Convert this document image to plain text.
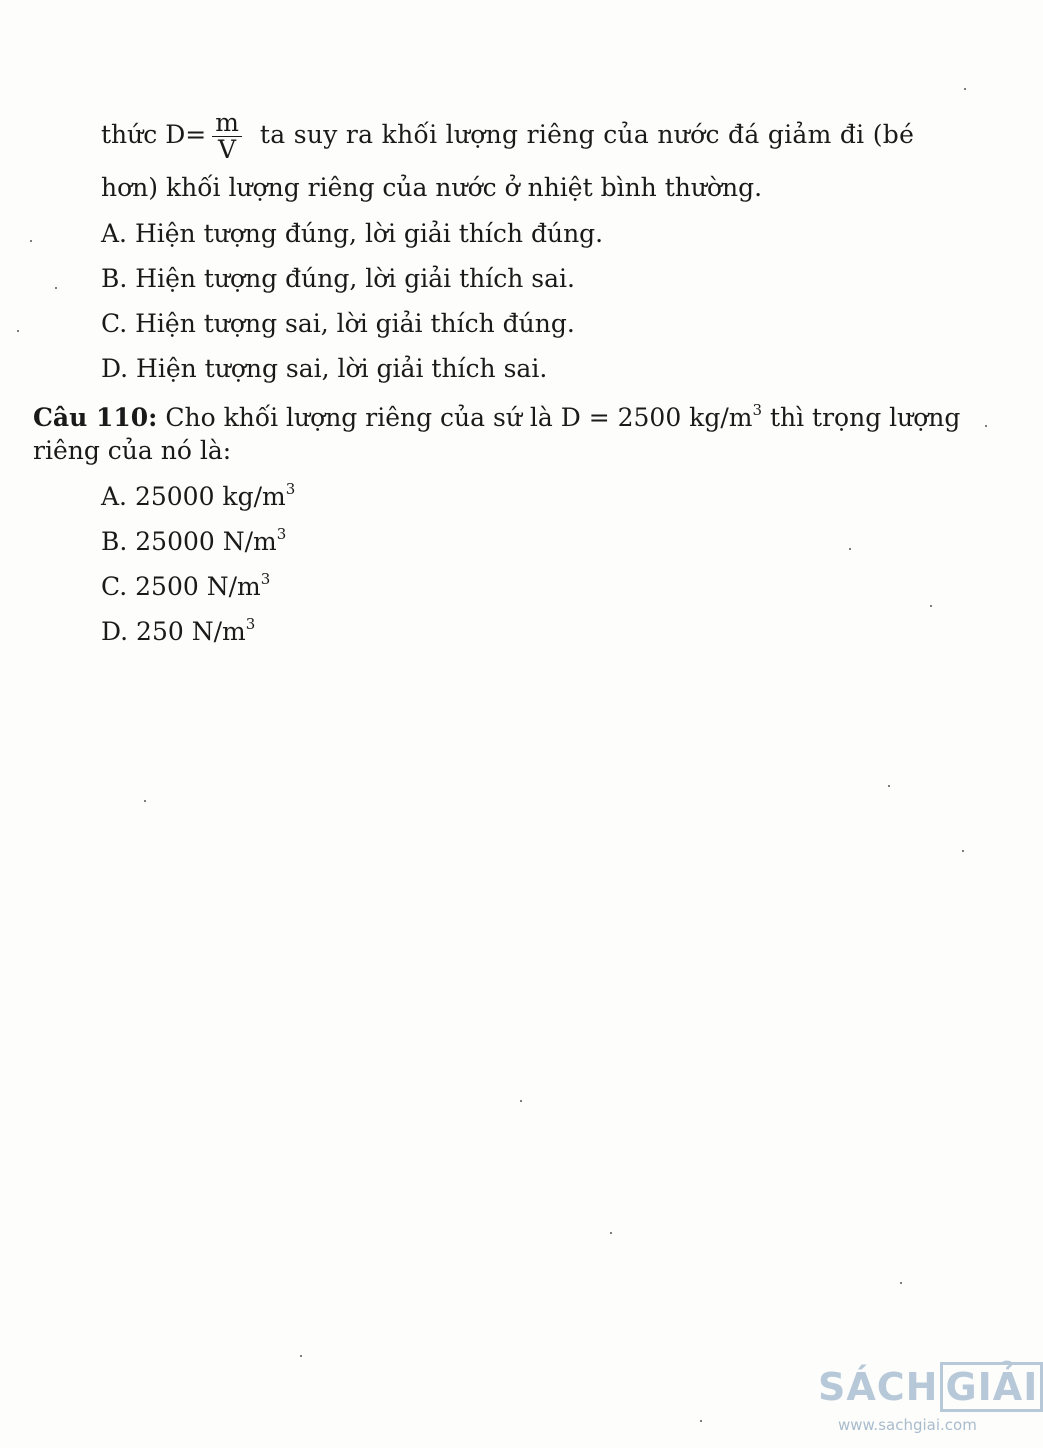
thức $D= \frac{m}{V}$ ta suy ra khối lượng riêng của nước đá giảm đi (bé
hơn) khối lượng riêng của nước ở nhiệt bình thường.
A. Hiện tượng đúng, lời giải thích đúng.
B. Hiện tượng đúng, lời giải thích sai.
C. Hiện tượng sai, lời giải thích đúng.
D. Hiện tượng sai, lời giải thích sai.
Câu 110: Cho khối lượng riêng của sứ là D = 2500 $kg/m^3$ thì trọng lượng
riêng của nó là:
A. 25000 $kg/m^3$
B. 25000 $N/m^3$
C. 2500 $N/m^3$
D. 250 $N/m^3$
SÁCH GIẢI
www.sachgiai.com
